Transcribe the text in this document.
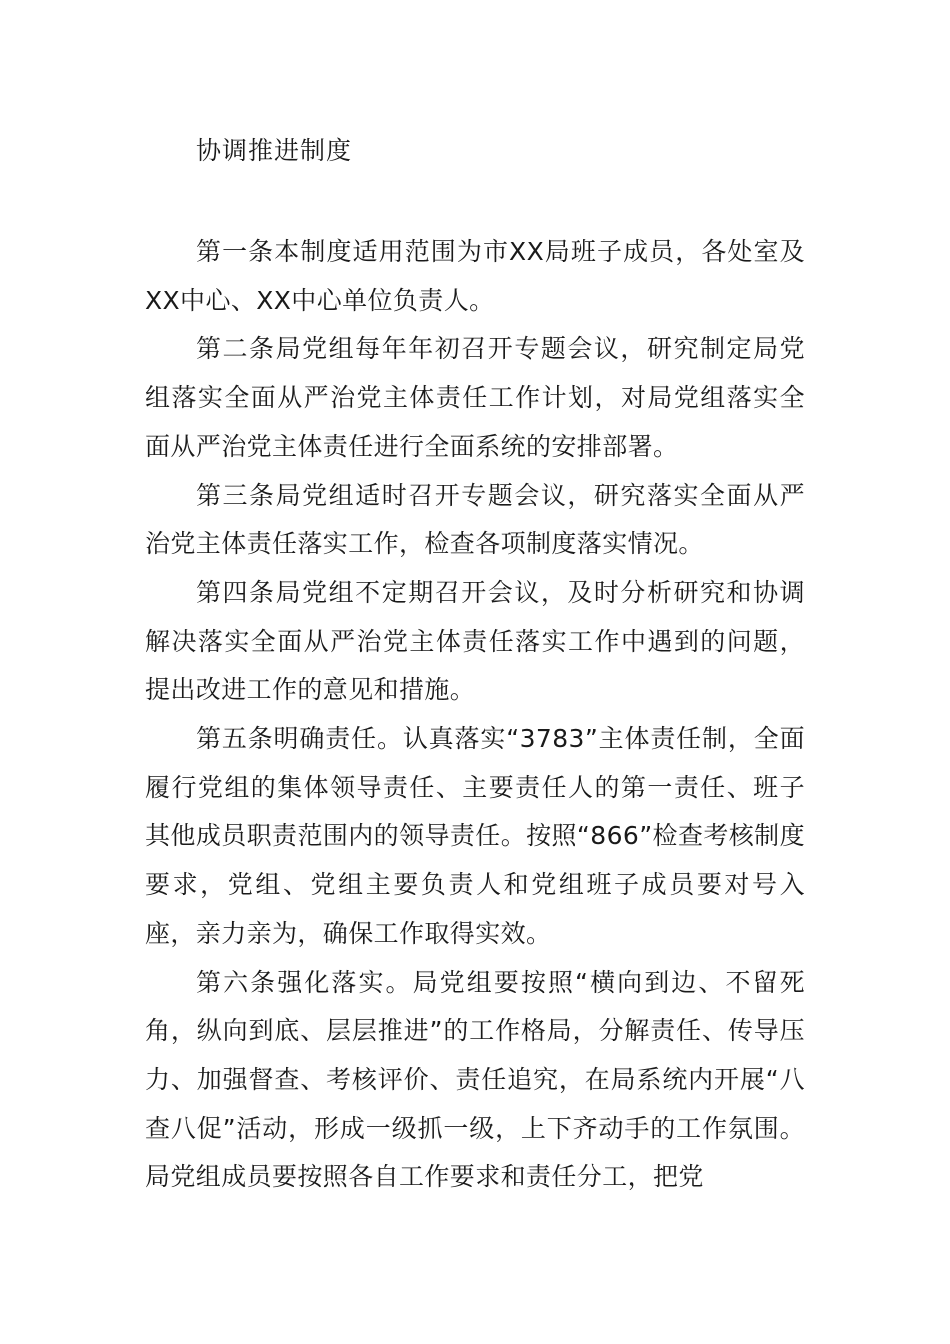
协调推进制度

第一条本制度适用范围为市XX局班子成员，各处室及XX中心、XX中心单位负责人。

第二条局党组每年年初召开专题会议，研究制定局党组落实全面从严治党主体责任工作计划，对局党组落实全面从严治党主体责任进行全面系统的安排部署。

第三条局党组适时召开专题会议，研究落实全面从严治党主体责任落实工作，检查各项制度落实情况。

第四条局党组不定期召开会议，及时分析研究和协调解决落实全面从严治党主体责任落实工作中遇到的问题，提出改进工作的意见和措施。

第五条明确责任。认真落实“3783”主体责任制，全面履行党组的集体领导责任、主要责任人的第一责任、班子其他成员职责范围内的领导责任。按照“866”检查考核制度要求，党组、党组主要负责人和党组班子成员要对号入座，亲力亲为，确保工作取得实效。

第六条强化落实。局党组要按照“横向到边、不留死角，纵向到底、层层推进”的工作格局，分解责任、传导压力、加强督查、考核评价、责任追究，在局系统内开展“八查八促”活动，形成一级抓一级，上下齐动手的工作氛围。局党组成员要按照各自工作要求和责任分工，把党
